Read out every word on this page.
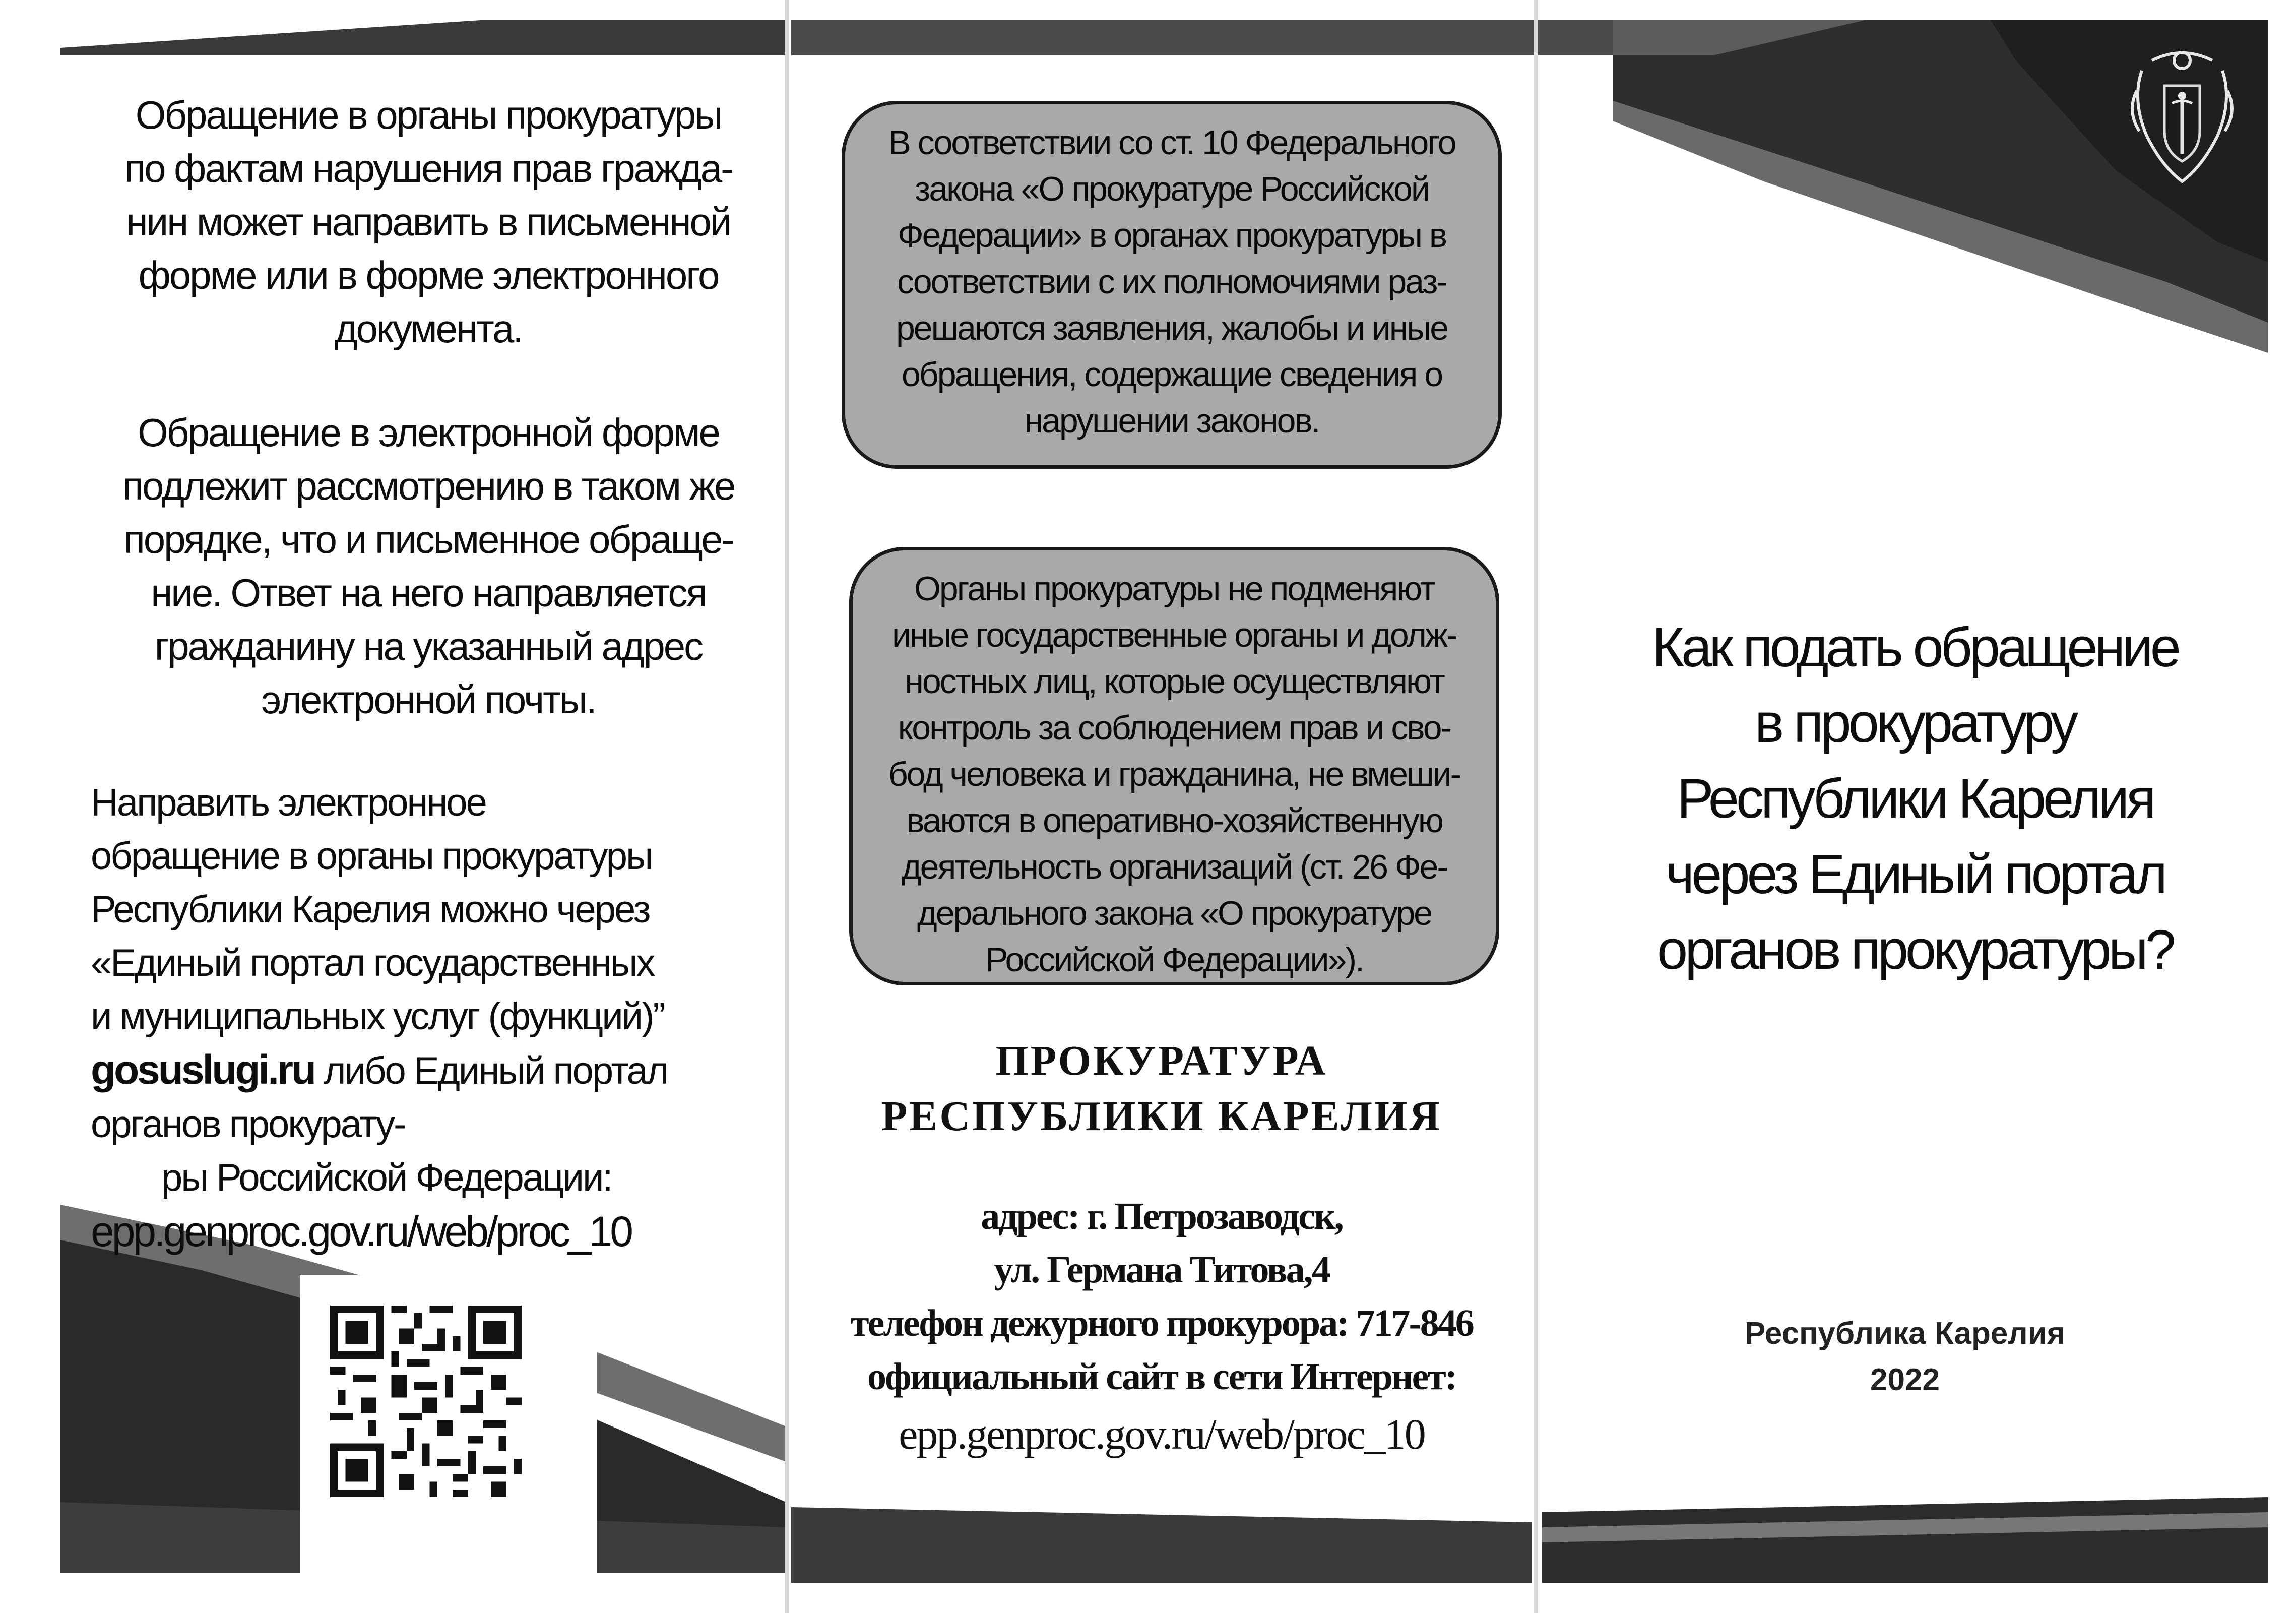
Обращение в органы прокуратуры
по фактам нарушения прав гражда-
нин может направить в письменной
форме или в форме электронного
документа.
Обращение в электронной форме
подлежит рассмотрению в таком же
порядке, что и письменное обраще-
ние. Ответ на него направляется
гражданину на указанный адрес
электронной почты.
Направить электронное
обращение в органы прокуратуры
Республики Карелия можно через
«Единый портал государственных
и муниципальных услуг (функций)”
gosuslugi.ru либо Единый портал
органов прокурату-
ры Российской Федерации:
epp.genproc.gov.ru/web/proc_10
В соответствии со ст. 10 Федерального
закона «О прокуратуре Российской
Федерации» в органах прокуратуры в
соответствии с их полномочиями раз-
решаются заявления, жалобы и иные
обращения, содержащие сведения о
нарушении законов.
Органы прокуратуры не подменяют
иные государственные органы и долж-
ностных лиц, которые осуществляют
контроль за соблюдением прав и сво-
бод человека и гражданина, не вмеши-
ваются в оперативно-хозяйственную
деятельность организаций (ст. 26 Фе-
дерального закона «О прокуратуре
Российской Федерации»).
ПРОКУРАТУРА
РЕСПУБЛИКИ КАРЕЛИЯ
адрес: г. Петрозаводск,
ул. Германа Титова,4
телефон дежурного прокурора: 717-846
официальный сайт в сети Интернет:
epp.genproc.gov.ru/web/proc_10
Как подать обращение
в прокуратуру
Республики Карелия
через Единый портал
органов прокуратуры?
Республика Карелия
2022
